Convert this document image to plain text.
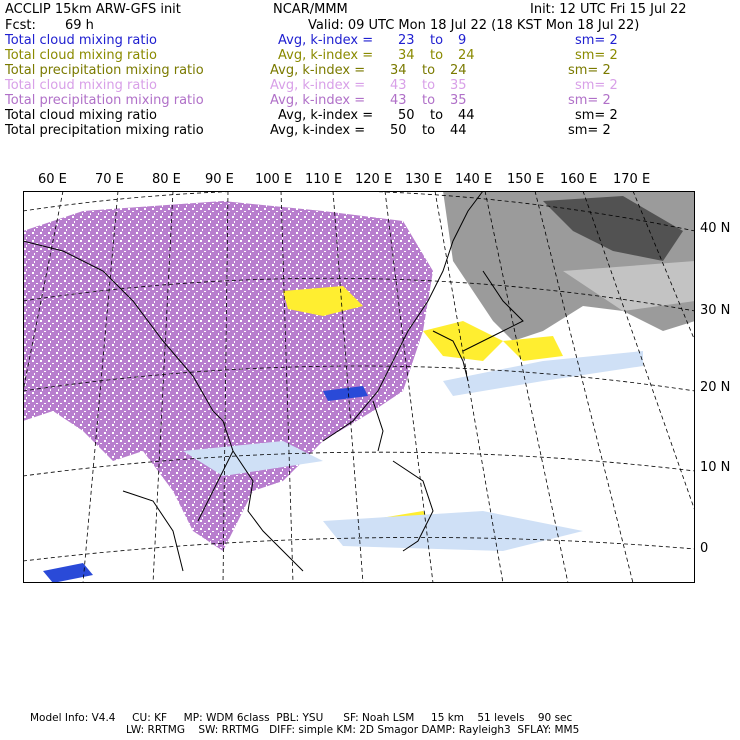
ACCLIP 15km ARW-GFS init	NCAR/MMM	Init: 12 UTC Fri 15 Jul 22
Fcst: 69 h	Valid: 09 UTC Mon 18 Jul 22 (18 KST Mon 18 Jul 22)
Total cloud mixing ratio	Avg, k-index = 23 to 9	sm= 2
Total cloud mixing ratio	Avg, k-index = 34 to 24	sm= 2
Total precipitation mixing ratio	Avg, k-index = 34 to 24	sm= 2
Total cloud mixing ratio	Avg, k-index = 43 to 35	sm= 2
Total precipitation mixing ratio	Avg, k-index = 43 to 35	sm= 2
Total cloud mixing ratio	Avg, k-index = 50 to 44	sm= 2
Total precipitation mixing ratio	Avg, k-index = 50 to 44	sm= 2
60 E 70 E 80 E 90 E 100 E 110 E 120 E 130 E 140 E 150 E 160 E 170 E
40 N
30 N
20 N
10 N
0
Model Info: V4.4     CU: KF     MP: WDM 6class  PBL: YSU      SF: Noah LSM     15 km    51 levels    90 sec
LW: RRTMG    SW: RRTMG   DIFF: simple KM: 2D Smagor DAMP: Rayleigh3  SFLAY: MM5
